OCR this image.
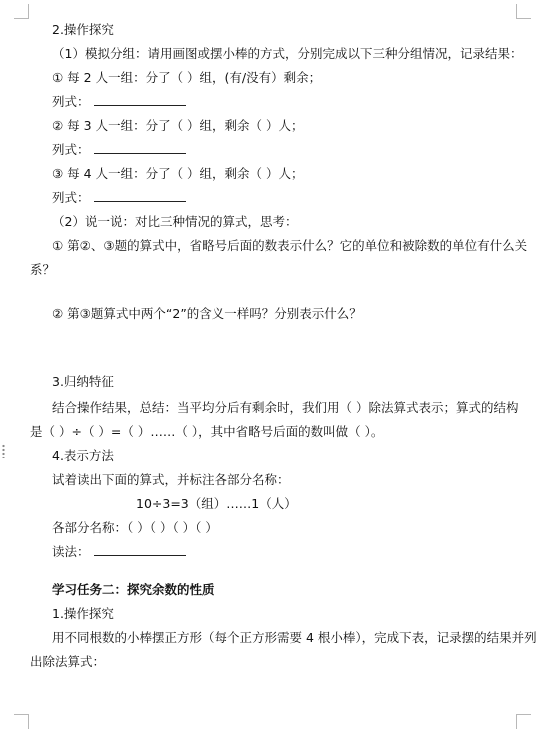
2.操作探究
（1）模拟分组：请用画图或摆小棒的方式，分别完成以下三种分组情况，记录结果：
① 每 2 人一组：分了（ ）组，(有/没有）剩余；
列式：
② 每 3 人一组：分了（ ）组，剩余（ ）人；
列式：
③ 每 4 人一组：分了（ ）组，剩余（ ）人；
列式：
（2）说一说：对比三种情况的算式，思考：
① 第②、③题的算式中，省略号后面的数表示什么？它的单位和被除数的单位有什么关
系？
② 第③题算式中两个“2”的含义一样吗？分别表示什么？
3.归纳特征
结合操作结果，总结：当平均分后有剩余时，我们用（ ）除法算式表示；算式的结构
是（ ）÷（ ）=（ ）……（ ），其中省略号后面的数叫做（ ）。
4.表示方法
试着读出下面的算式，并标注各部分名称：
10÷3=3（组）……1（人）
各部分名称：（ ）（ ）（ ）（ ）
读法：
学习任务二：探究余数的性质
1.操作探究
用不同根数的小棒摆正方形（每个正方形需要 4 根小棒），完成下表，记录摆的结果并列
出除法算式：
